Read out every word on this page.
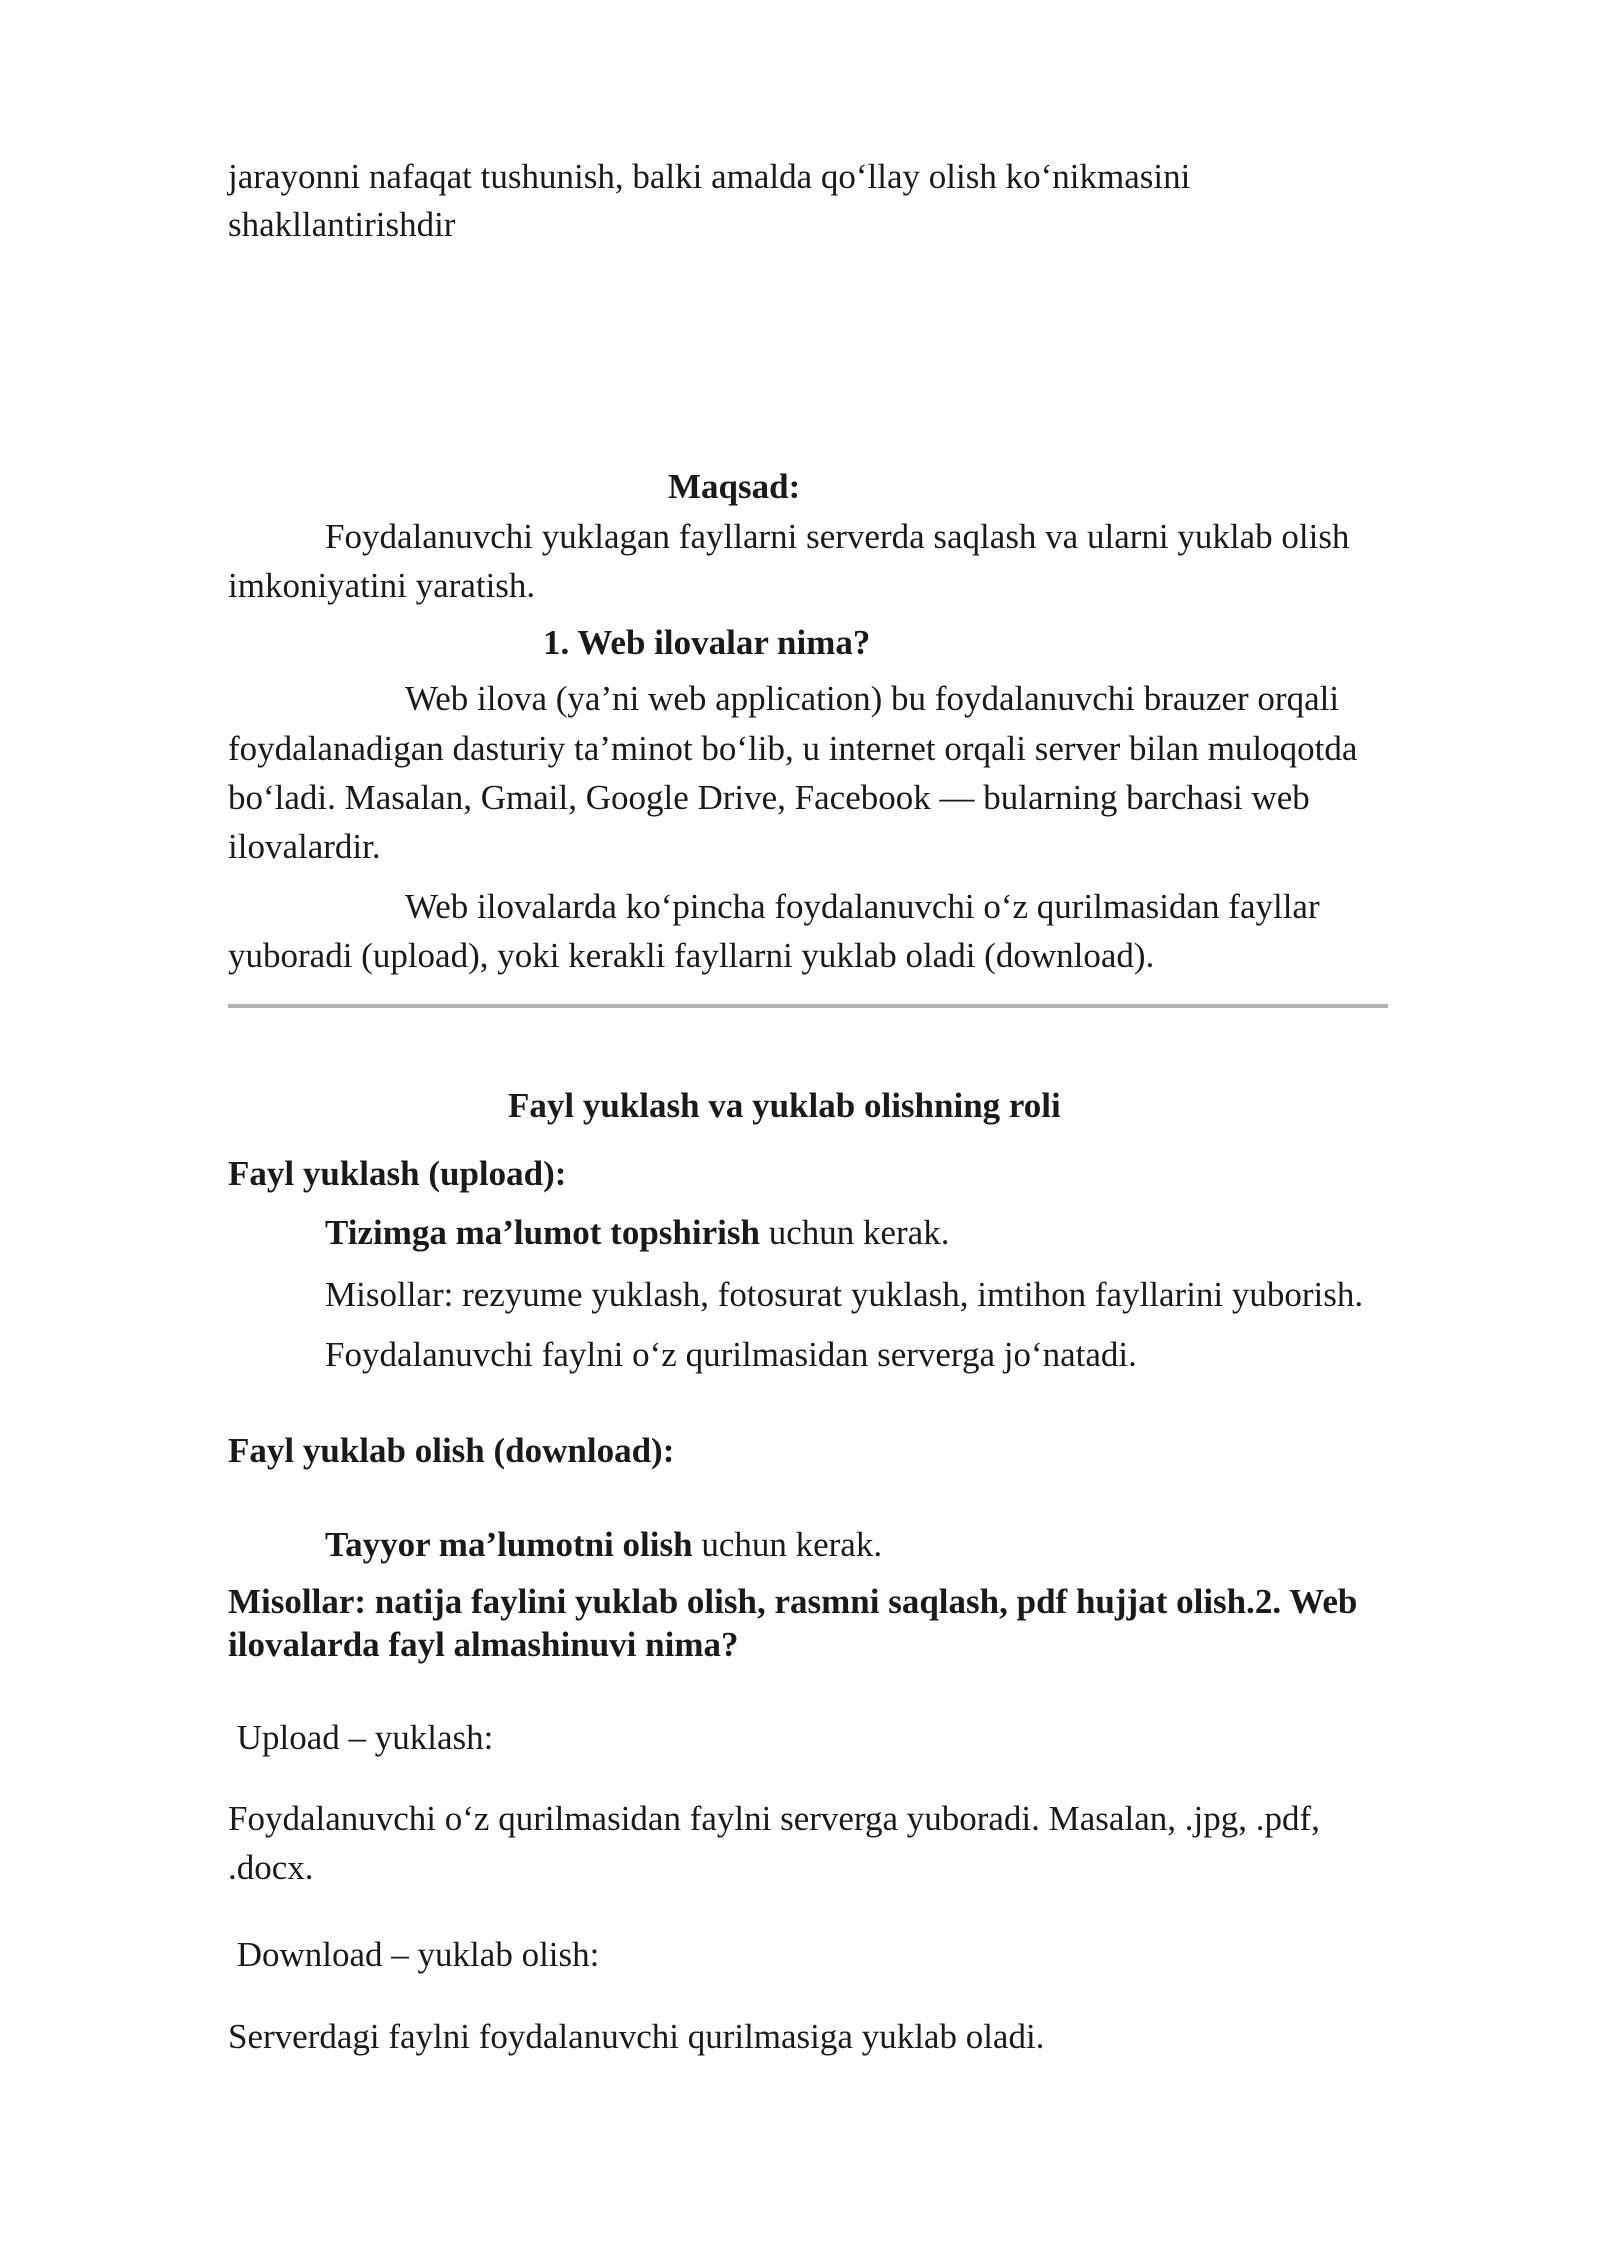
jarayonni nafaqat tushunish, balki amalda qo‘llay olish ko‘nikmasini

shakllantirishdir

Maqsad:

Foydalanuvchi yuklagan fayllarni serverda saqlash va ularni yuklab olish

imkoniyatini yaratish.

1. Web ilovalar nima?

Web ilova (ya’ni web application) bu foydalanuvchi brauzer orqali

foydalanadigan dasturiy ta’minot bo‘lib, u internet orqali server bilan muloqotda

bo‘ladi. Masalan, Gmail, Google Drive, Facebook — bularning barchasi web

ilovalardir.

Web ilovalarda ko‘pincha foydalanuvchi o‘z qurilmasidan fayllar

yuboradi (upload), yoki kerakli fayllarni yuklab oladi (download).

Fayl yuklash va yuklab olishning roli

Fayl yuklash (upload):

Tizimga ma’lumot topshirish uchun kerak.

Misollar: rezyume yuklash, fotosurat yuklash, imtihon fayllarini yuborish.

Foydalanuvchi faylni o‘z qurilmasidan serverga jo‘natadi.

Fayl yuklab olish (download):

Tayyor ma’lumotni olish uchun kerak.

Misollar: natija faylini yuklab olish, rasmni saqlash, pdf hujjat olish.2. Web

ilovalarda fayl almashinuvi nima?

Upload – yuklash:

Foydalanuvchi o‘z qurilmasidan faylni serverga yuboradi. Masalan, .jpg, .pdf,

.docx.

Download – yuklab olish:

Serverdagi faylni foydalanuvchi qurilmasiga yuklab oladi.
